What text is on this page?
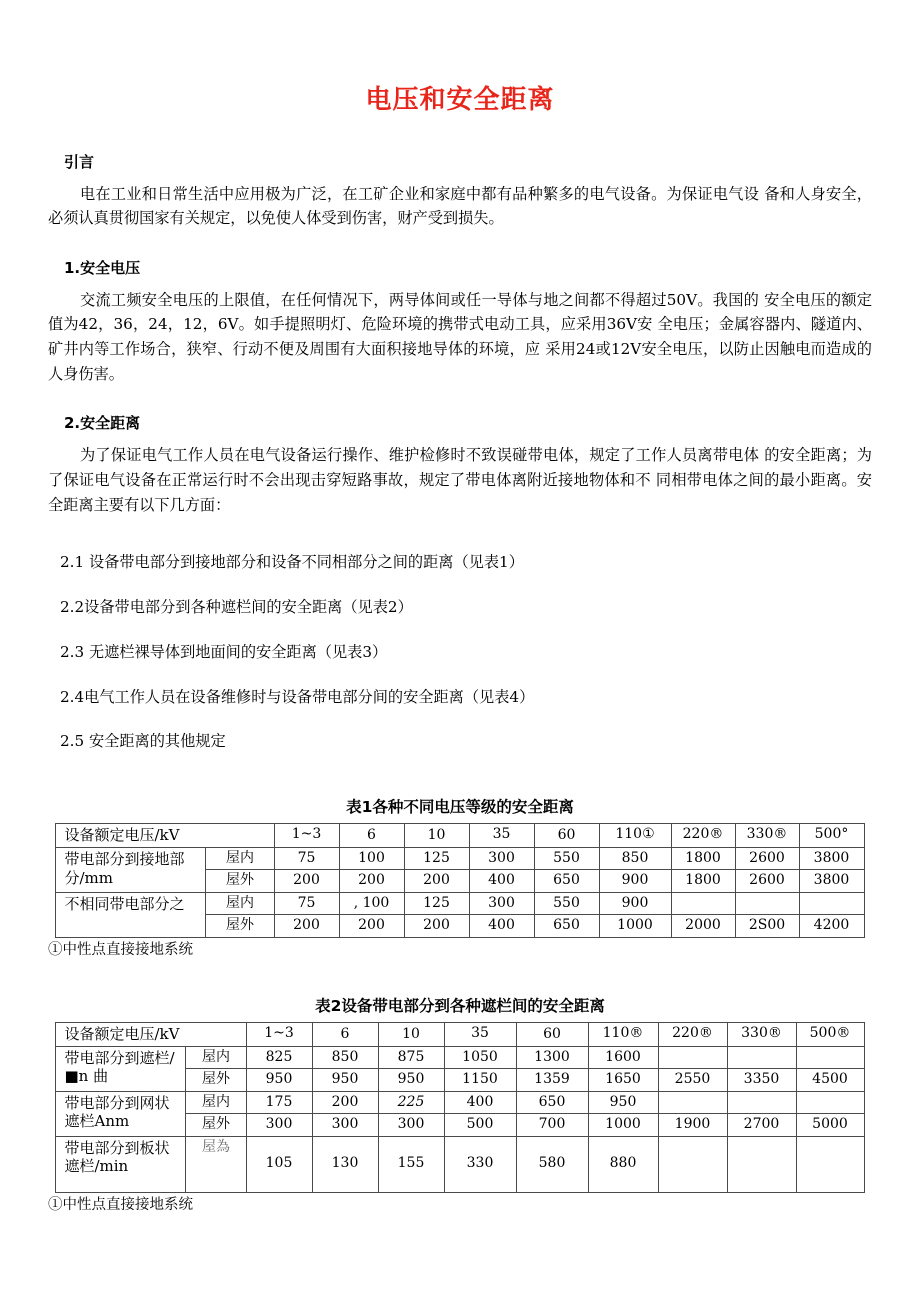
电压和安全距离
引言

电在工业和日常生活中应用极为广泛，在工矿企业和家庭中都有品种繁多的电气设备。为保证电气设 备和人身安全，必须认真贯彻国家有关规定，以免使人体受到伤害，财产受到损失。

1.安全电压

交流工频安全电压的上限值，在任何情况下，两导体间或任一导体与地之间都不得超过50V。我国的 安全电压的额定值为42，36，24，12，6V。如手提照明灯、危险环境的携带式电动工具，应采用36V安 全电压；金属容器内、隧道内、矿井内等工作场合，狭窄、行动不便及周围有大面积接地导体的环境，应 采用24或12V安全电压，以防止因触电而造成的人身伤害。

2.安全距离

为了保证电气工作人员在电气设备运行操作、维护检修时不致误碰带电体，规定了工作人员离带电体 的安全距离；为了保证电气设备在正常运行时不会出现击穿短路事故，规定了带电体离附近接地物体和不 同相带电体之间的最小距离。安全距离主要有以下几方面：

2.1 设备带电部分到接地部分和设备不同相部分之间的距离（见表1）
2.2设备带电部分到各种遮栏间的安全距离（见表2）
2.3 无遮栏裸导体到地面间的安全距离（见表3）
2.4电气工作人员在设备维修时与设备带电部分间的安全距离（见表4）
2.5 安全距离的其他规定
表1各种不同电压等级的安全距离
设备额定电压/kV		1~3	6	10	35	60	110①	220®	330®	500°
带电部分到接地部 分/mm	屋内	75	100	125	300	550	850	1800	2600	3800
	屋外	200	200	200	400	650	900	1800	2600	3800
不相同带电部分之	屋内	75	, 100	125	300	550	900			
	屋外	200	200	200	400	650	1000	2000	2S00	4200
①中性点直接接地系统
表2设备带电部分到各种遮栏间的安全距离
设备额定电压/kV		1~3	6	10	35	60	110®	220®	330®	500®
带电部分到遮栏/■n 曲	屋内	825	850	875	1050	1300	1600			
	屋外	950	950	950	1150	1359	1650	2550	3350	4500
带电部分到网状遮栏Anm	屋内	175	200	225	400	650	950			
	屋外	300	300	300	500	700	1000	1900	2700	5000
带电部分到板状遮栏/min	屋為	105	130	155	330	580	880			
①中性点直接接地系统
